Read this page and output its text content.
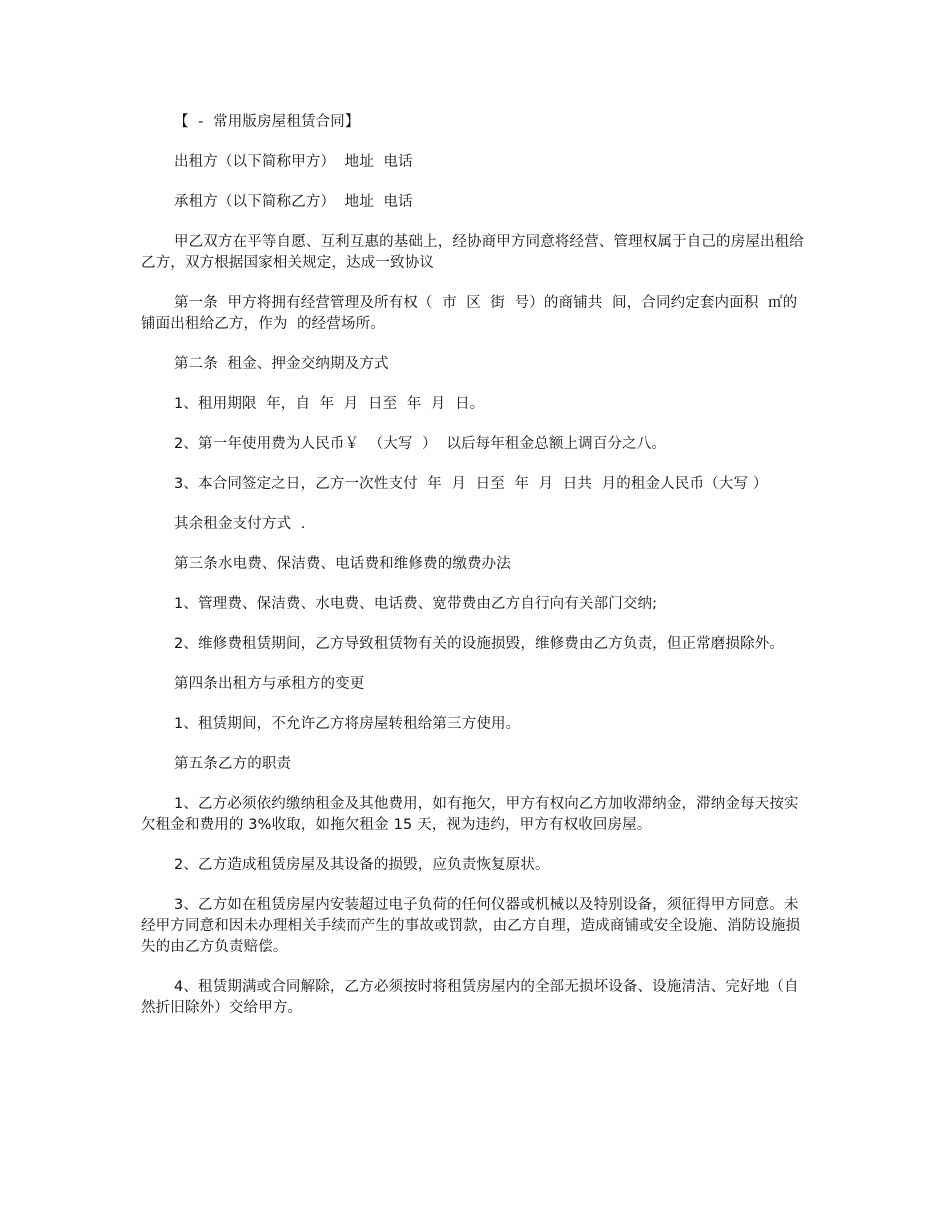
【  -  常用版房屋租赁合同】

出租方（以下简称甲方）  地址  电话

承租方（以下简称乙方）  地址  电话

甲乙双方在平等自愿、互利互惠的基础上，经协商甲方同意将经营、管理权属于自己的房屋出租给乙方，双方根据国家相关规定，达成一致协议

第一条  甲方将拥有经营管理及所有权（  市  区  街  号）的商铺共  间，合同约定套内面积  ㎡的铺面出租给乙方，作为  的经营场所。

第二条  租金、押金交纳期及方式

1、租用期限  年，自  年  月  日至  年  月  日。

2、第一年使用费为人民币￥  （大写  ）  以后每年租金总额上调百分之八。

3、本合同签定之日，乙方一次性支付  年  月  日至  年  月  日共  月的租金人民币（大写 ）

其余租金支付方式  .

第三条水电费、保洁费、电话费和维修费的缴费办法

1、管理费、保洁费、水电费、电话费、宽带费由乙方自行向有关部门交纳;

2、维修费租赁期间，乙方导致租赁物有关的设施损毁，维修费由乙方负责，但正常磨损除外。

第四条出租方与承租方的变更

1、租赁期间，不允许乙方将房屋转租给第三方使用。

第五条乙方的职责

1、乙方必须依约缴纳租金及其他费用，如有拖欠，甲方有权向乙方加收滞纳金，滞纳金每天按实欠租金和费用的 3%收取，如拖欠租金 15 天，视为违约，甲方有权收回房屋。

2、乙方造成租赁房屋及其设备的损毁，应负责恢复原状。

3、乙方如在租赁房屋内安装超过电子负荷的任何仪器或机械以及特别设备，须征得甲方同意。未经甲方同意和因未办理相关手续而产生的事故或罚款，由乙方自理，造成商铺或安全设施、消防设施损失的由乙方负责赔偿。

4、租赁期满或合同解除，乙方必须按时将租赁房屋内的全部无损坏设备、设施清洁、完好地（自然折旧除外）交给甲方。
